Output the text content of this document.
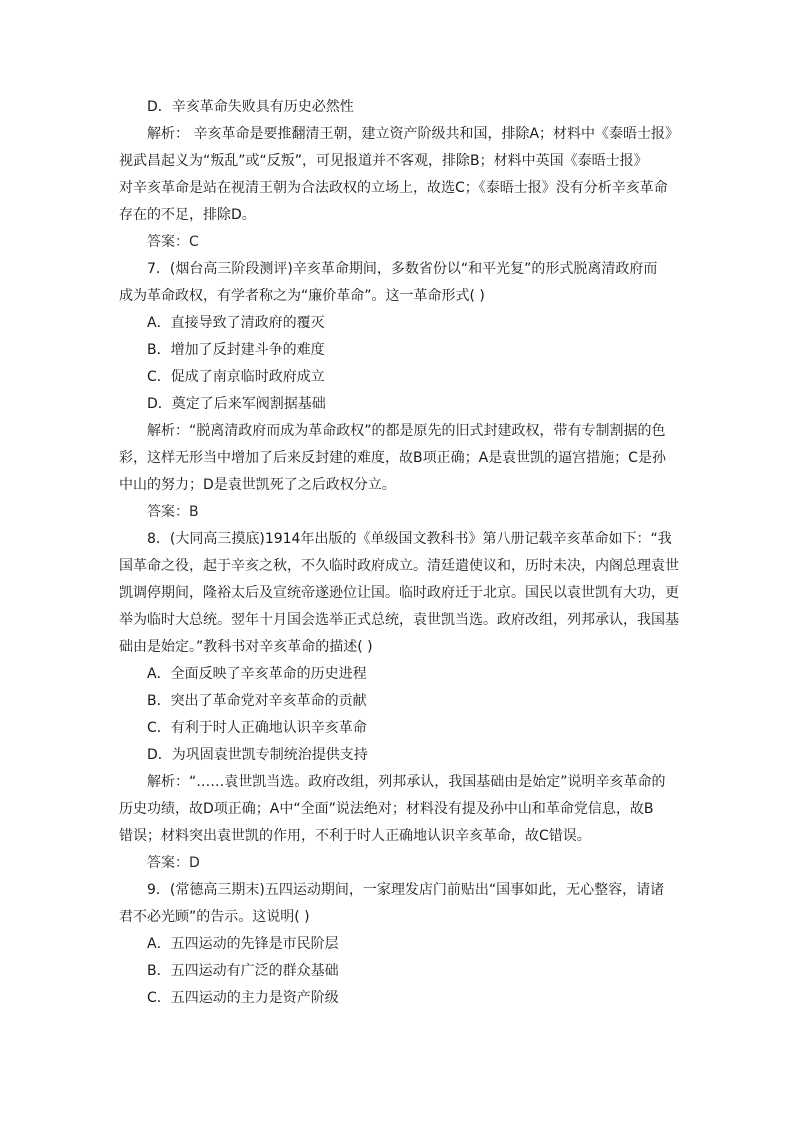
D．辛亥革命失败具有历史必然性
解析： 辛亥革命是要推翻清王朝，建立资产阶级共和国，排除A；材料中《泰晤士报》
视武昌起义为“叛乱”或“反叛”，可见报道并不客观，排除B；材料中英国《泰晤士报》
对辛亥革命是站在视清王朝为合法政权的立场上，故选C；《泰晤士报》没有分析辛亥革命
存在的不足，排除D。
答案：C
7．(烟台高三阶段测评)辛亥革命期间，多数省份以“和平光复”的形式脱离清政府而
成为革命政权，有学者称之为“廉价革命”。这一革命形式( )
A．直接导致了清政府的覆灭
B．增加了反封建斗争的难度
C．促成了南京临时政府成立
D．奠定了后来军阀割据基础
解析：“脱离清政府而成为革命政权”的都是原先的旧式封建政权，带有专制割据的色
彩，这样无形当中增加了后来反封建的难度，故B项正确；A是袁世凯的逼宫措施；C是孙
中山的努力；D是袁世凯死了之后政权分立。
答案：B
8．(大同高三摸底)1914年出版的《单级国文教科书》第八册记载辛亥革命如下：“我
国革命之役，起于辛亥之秋，不久临时政府成立。清廷遣使议和，历时未决，内阁总理袁世
凯调停期间，隆裕太后及宣统帝遂逊位让国。临时政府迁于北京。国民以袁世凯有大功，更
举为临时大总统。翌年十月国会选举正式总统，袁世凯当选。政府改组，列邦承认，我国基
础由是始定。”教科书对辛亥革命的描述( )
A．全面反映了辛亥革命的历史进程
B．突出了革命党对辛亥革命的贡献
C．有利于时人正确地认识辛亥革命
D．为巩固袁世凯专制统治提供支持
解析：“……袁世凯当选。政府改组，列邦承认，我国基础由是始定”说明辛亥革命的
历史功绩，故D项正确；A中“全面”说法绝对；材料没有提及孙中山和革命党信息，故B
错误；材料突出袁世凯的作用，不利于时人正确地认识辛亥革命，故C错误。
答案：D
9．(常德高三期末)五四运动期间，一家理发店门前贴出“国事如此，无心整容，请诸
君不必光顾”的告示。这说明( )
A．五四运动的先锋是市民阶层
B．五四运动有广泛的群众基础
C．五四运动的主力是资产阶级
